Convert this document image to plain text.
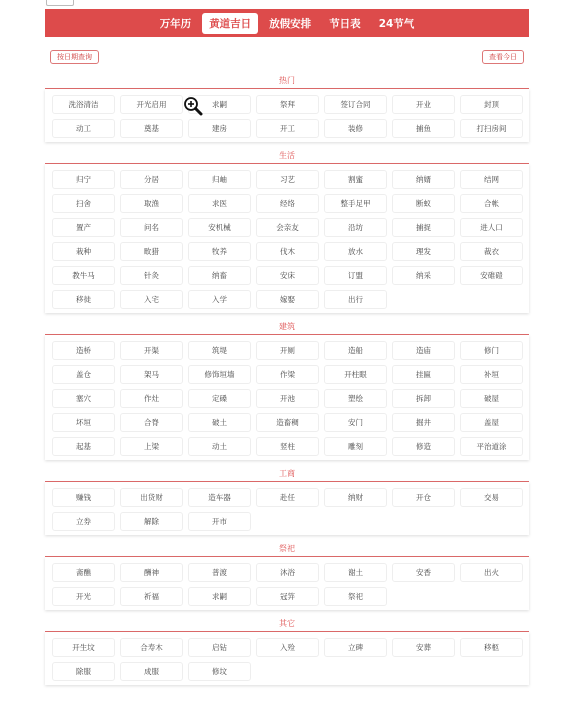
万年历	黄道吉日	放假安排	节日表	24节气
按日期查询	查看今日
热门
洗浴清洁	开光启用	求嗣	祭拜	签订合同	开业	封顶
动工	奠基	建房	开工	装修	捕鱼	打扫房间
生活
归宁	分居	归岫	习艺	割蜜	纳婿	结网
扫舍	取渔	求医	经络	整手足甲	断蚁	合帐
置产	问名	安机械	会亲友	沿坊	捕捉	进人口
栽种	畋猎	牧养	伐木	放水	理发	裁衣
教牛马	针灸	纳畜	安床	订盟	纳采	安碓磑
移徙	入宅	入学	嫁娶	出行
建筑
造桥	开渠	筑堤	开厕	造船	造庙	修门
盖仓	架马	修饰垣墙	作梁	开柱眼	挂匾	补垣
塞穴	作灶	定磉	开池	塑绘	拆卸	破屋
坏垣	合脊	破土	造畜稠	安门	掘井	盖屋
起基	上梁	动土	竖柱	雕刻	修造	平治道涂
工商
赚钱	出货财	造车器	赴任	纳财	开仓	交易
立券	解除	开市
祭祀
斋醮	酬神	普渡	沐浴	谢土	安香	出火
开光	祈福	求嗣	冠笄	祭祀
其它
开生坟	合寿木	启钻	入殓	立碑	安葬	移柩
除服	成服	修坟
